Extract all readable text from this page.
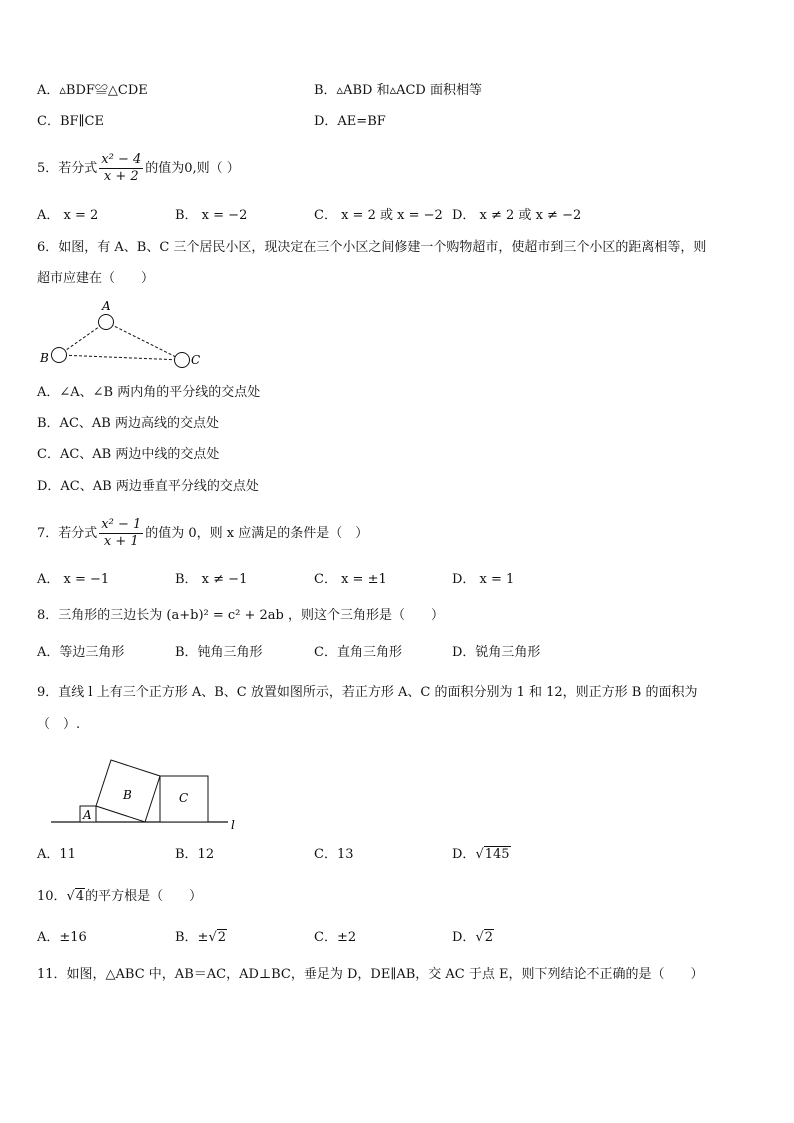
A．▵BDF≌△CDE	B．▵ABD 和▵ACD 面积相等
C．BF∥CE	D．AE=BF
5．若分式 $\frac{\text{x² − 4}}{x + 2}$ 的值为0,则（ ）
A． x = 2	B． x = −2	C． x = 2 或 x = −2 D． x ≠ 2 或 x ≠ −2
6．如图，有 A、B、C 三个居民小区，现决定在三个小区之间修建一个购物超市，使超市到三个小区的距离相等，则
超市应建在（　　）
A
B	C
A．∠A、∠B 两内角的平分线的交点处
B．AC、AB 两边高线的交点处
C．AC、AB 两边中线的交点处
D．AC、AB 两边垂直平分线的交点处
7．若分式 $\frac{\text{x² − 1}}{x + 1}$ 的值为 0，则 x 应满足的条件是（　）
A． x = −1	B． x ≠ −1	C． x = ±1	D． x = 1
8．三角形的三边长为 (a+b)² = c² + 2ab ，则这个三角形是（　　）
A．等边三角形	B．钝角三角形	C．直角三角形	D．锐角三角形
9．直线 l 上有三个正方形 A、B、C 放置如图所示，若正方形 A、C 的面积分别为 1 和 12，则正方形 B 的面积为
（　）.
A
B	C
l
A．11	B．12	C．13	D．√145
10．√4的平方根是（　　）
A．±16	B．±√2	C．±2	D．√2
11．如图，△ABC 中，AB＝AC，AD⊥BC，垂足为 D，DE∥AB，交 AC 于点 E，则下列结论不正确的是（　　）
